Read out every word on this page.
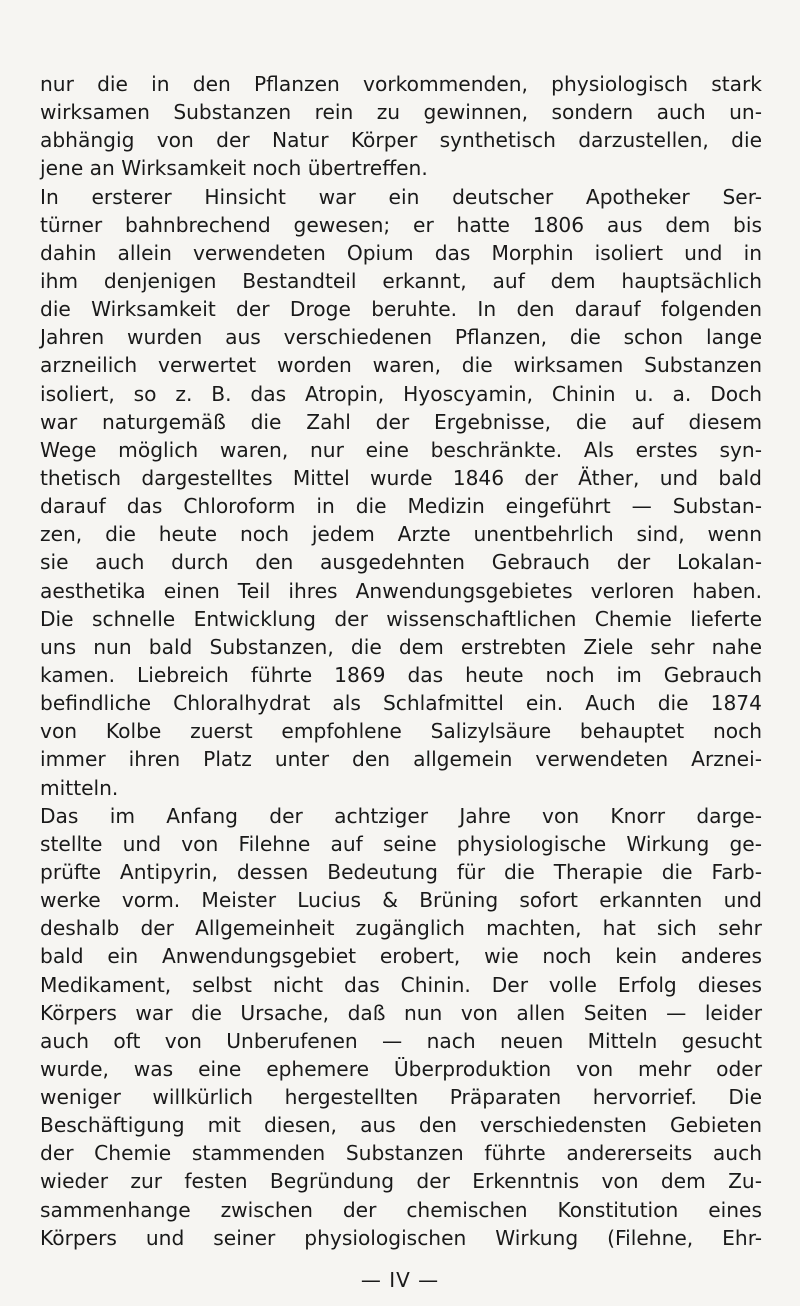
nur die in den Pflanzen vorkommenden, physiologisch stark
wirksamen Substanzen rein zu gewinnen, sondern auch un-
abhängig von der Natur Körper synthetisch darzustellen, die
jene an Wirksamkeit noch übertreffen.
In ersterer Hinsicht war ein deutscher Apotheker Ser-
türner bahnbrechend gewesen; er hatte 1806 aus dem bis
dahin allein verwendeten Opium das Morphin isoliert und in
ihm denjenigen Bestandteil erkannt, auf dem hauptsächlich
die Wirksamkeit der Droge beruhte. In den darauf folgenden
Jahren wurden aus verschiedenen Pflanzen, die schon lange
arzneilich verwertet worden waren, die wirksamen Substanzen
isoliert, so z. B. das Atropin, Hyoscyamin, Chinin u. a. Doch
war naturgemäß die Zahl der Ergebnisse, die auf diesem
Wege möglich waren, nur eine beschränkte. Als erstes syn-
thetisch dargestelltes Mittel wurde 1846 der Äther, und bald
darauf das Chloroform in die Medizin eingeführt — Substan-
zen, die heute noch jedem Arzte unentbehrlich sind, wenn
sie auch durch den ausgedehnten Gebrauch der Lokalan-
aesthetika einen Teil ihres Anwendungsgebietes verloren haben.
Die schnelle Entwicklung der wissenschaftlichen Chemie lieferte
uns nun bald Substanzen, die dem erstrebten Ziele sehr nahe
kamen. Liebreich führte 1869 das heute noch im Gebrauch
befindliche Chloralhydrat als Schlafmittel ein. Auch die 1874
von Kolbe zuerst empfohlene Salizylsäure behauptet noch
immer ihren Platz unter den allgemein verwendeten Arznei-
mitteln.
Das im Anfang der achtziger Jahre von Knorr darge-
stellte und von Filehne auf seine physiologische Wirkung ge-
prüfte Antipyrin, dessen Bedeutung für die Therapie die Farb-
werke vorm. Meister Lucius & Brüning sofort erkannten und
deshalb der Allgemeinheit zugänglich machten, hat sich sehr
bald ein Anwendungsgebiet erobert, wie noch kein anderes
Medikament, selbst nicht das Chinin. Der volle Erfolg dieses
Körpers war die Ursache, daß nun von allen Seiten — leider
auch oft von Unberufenen — nach neuen Mitteln gesucht
wurde, was eine ephemere Überproduktion von mehr oder
weniger willkürlich hergestellten Präparaten hervorrief. Die
Beschäftigung mit diesen, aus den verschiedensten Gebieten
der Chemie stammenden Substanzen führte andererseits auch
wieder zur festen Begründung der Erkenntnis von dem Zu-
sammenhange zwischen der chemischen Konstitution eines
Körpers und seiner physiologischen Wirkung (Filehne, Ehr-
— IV —
